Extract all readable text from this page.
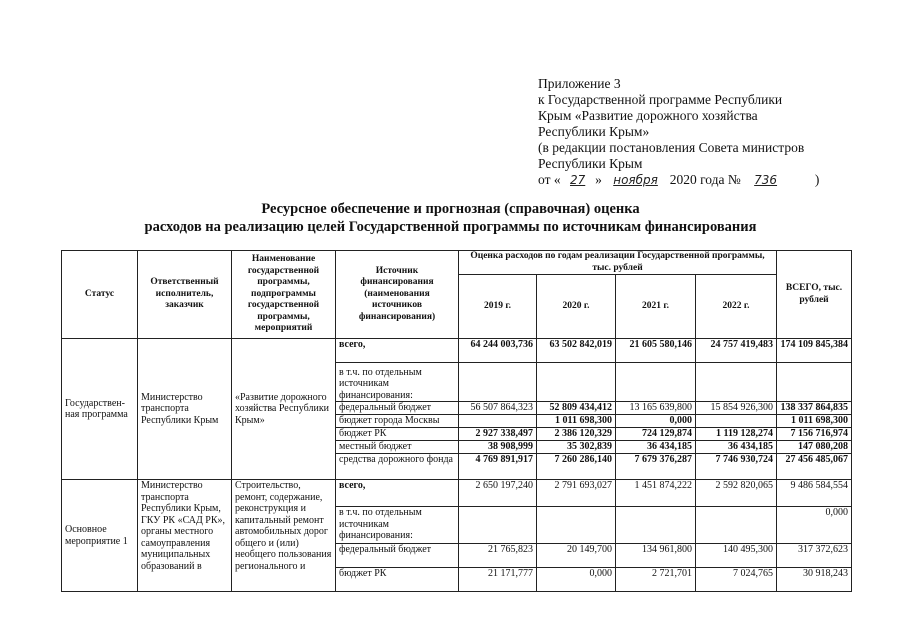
Приложение 3
к Государственной программе Республики
Крым «Развитие дорожного хозяйства
Республики Крым»
(в редакции постановления Совета министров
Республики Крым
от « 27 » ноября 2020 года № 736	)
Ресурсное обеспечение и прогнозная (справочная) оценка
расходов на реализацию целей Государственной программы по источникам финансирования
Статус	Ответственный исполнитель, заказчик	Наименование государственной программы, подпрограммы государственной программы, мероприятий	Источник финансирования (наименования источников финансирования)	Оценка расходов по годам реализации Государственной программы, тыс. рублей				ВСЕГО, тыс. рублей
				2019 г.	2020 г.	2021 г.	2022 г.	
Государствен-ная программа	Министерство транспорта Республики Крым	«Развитие дорожного хозяйства Республики Крым»	всего,	64 244 003,736	63 502 842,019	21 605 580,146	24 757 419,483	174 109 845,384
			в т.ч. по отдельным источникам финансирования:					
			федеральный бюджет	56 507 864,323	52 809 434,412	13 165 639,800	15 854 926,300	138 337 864,835
			бюджет города Москвы		1 011 698,300	0,000		1 011 698,300
			бюджет РК	2 927 338,497	2 386 120,329	724 129,874	1 119 128,274	7 156 716,974
			местный бюджет	38 908,999	35 302,839	36 434,185	36 434,185	147 080,208
			средства дорожного фонда	4 769 891,917	7 260 286,140	7 679 376,287	7 746 930,724	27 456 485,067
Основное мероприятие 1	Министерство транспорта Республики Крым, ГКУ РК «САД РК», органы местного самоуправления муниципальных образований в	Строительство, ремонт, содержание, реконструкция и капитальный ремонт автомобильных дорог общего и (или) необщего пользования регионального и	всего,	2 650 197,240	2 791 693,027	1 451 874,222	2 592 820,065	9 486 584,554
			в т.ч. по отдельным источникам финансирования:					0,000
			федеральный бюджет	21 765,823	20 149,700	134 961,800	140 495,300	317 372,623
			бюджет РК	21 171,777	0,000	2 721,701	7 024,765	30 918,243
